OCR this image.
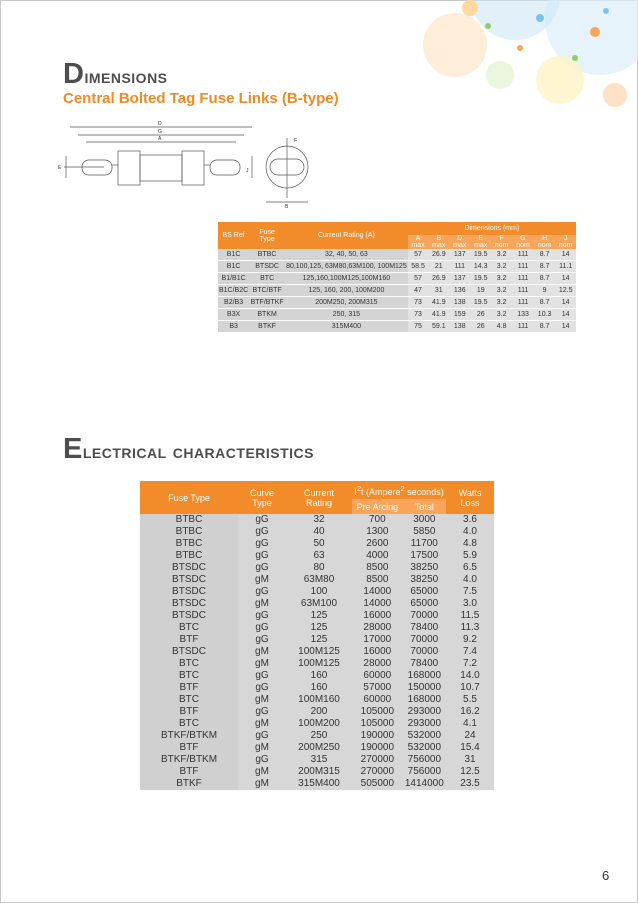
Dimensions
Central Bolted Tag Fuse Links (B-type)
D
G
A	F
E	J
B
BS Ref	Fuse Type	Current Rating (A)	Dimensions (mm)							
			A max	B max	D max	E max	F nom	G nom	H nom	J nom
B1C	BTBC	32, 40, 50, 63	57	26.9	137	19.5	3.2	111	8.7	14
B1C	BTSDC	80,100,125, 63M80,63M100, 100M125	58.5	21	111	14.3	3.2	111	8.7	11.1
B1/B1C	BTC	125,160,100M125,100M160	57	26.9	137	19.5	3.2	111	8.7	14
B1C/B2C	BTC/BTF	125, 160, 200, 100M200	47	31	136	19	3.2	111	9	12.5
B2/B3	BTF/BTKF	200M250, 200M315	73	41.9	138	19.5	3.2	111	8.7	14
B3X	BTKM	250, 315	73	41.9	159	26	3.2	133	10.3	14
B3	BTKF	315M400	75	59.1	138	26	4.8	111	8.7	14
Electrical characteristics
Fuse Type	Curve
Type	Current
Rating	$I^2t$ (Ampere$^2$ seconds)		Watts
Loss
			Pre Arcing	Total	
BTBC	gG	32	700	3000	3.6
BTBC	gG	40	1300	5850	4.0
BTBC	gG	50	2600	11700	4.8
BTBC	gG	63	4000	17500	5.9
BTSDC	gG	80	8500	38250	6.5
BTSDC	gM	63M80	8500	38250	4.0
BTSDC	gG	100	14000	65000	7.5
BTSDC	gM	63M100	14000	65000	3.0
BTSDC	gG	125	16000	70000	11.5
BTC	gG	125	28000	78400	11.3
BTF	gG	125	17000	70000	9.2
BTSDC	gM	100M125	16000	70000	7.4
BTC	gM	100M125	28000	78400	7.2
BTC	gG	160	60000	168000	14.0
BTF	gG	160	57000	150000	10.7
BTC	gM	100M160	60000	168000	5.5
BTF	gG	200	105000	293000	16.2
BTC	gM	100M200	105000	293000	4.1
BTKF/BTKM	gG	250	190000	532000	24
BTF	gM	200M250	190000	532000	15.4
BTKF/BTKM	gG	315	270000	756000	31
BTF	gM	200M315	270000	756000	12.5
BTKF	gM	315M400	505000	1414000	23.5
6
